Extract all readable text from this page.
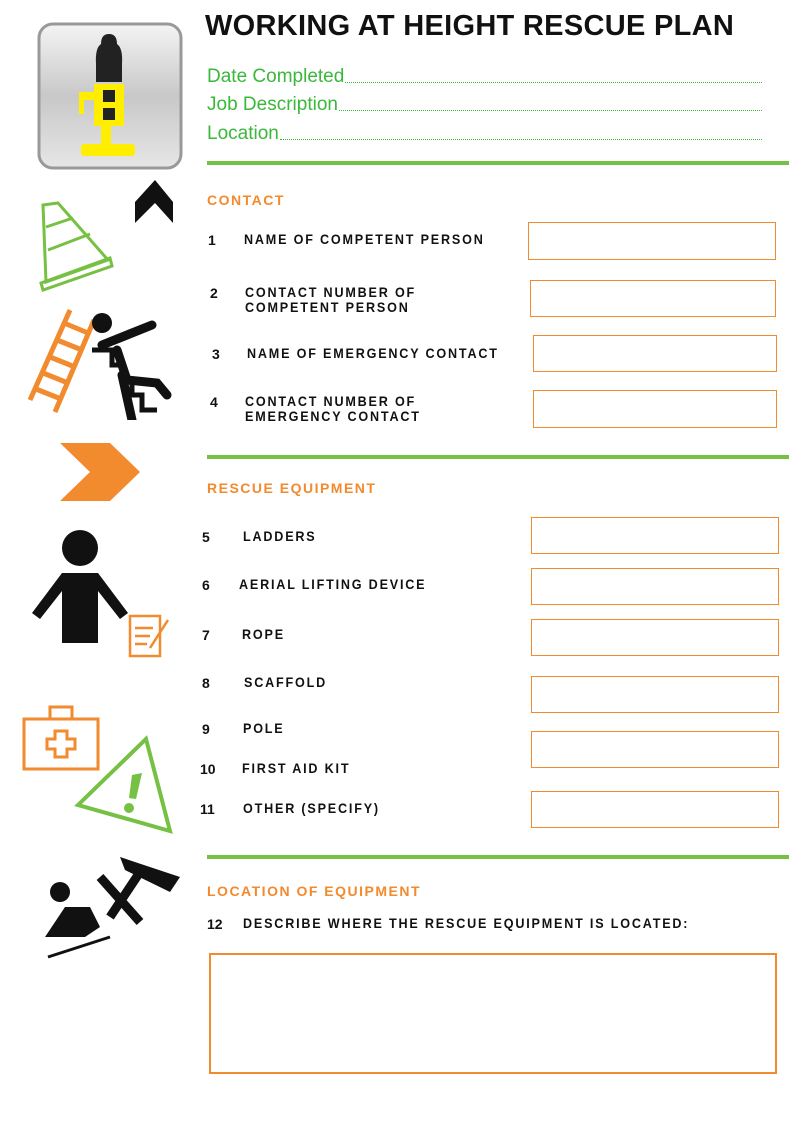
WORKING AT HEIGHT RESCUE PLAN
Date Completed
Job Description
Location
CONTACT
1	NAME OF COMPETENT PERSON
2	CONTACT NUMBER OF COMPETENT PERSON
3	NAME OF EMERGENCY CONTACT
4	CONTACT NUMBER OF EMERGENCY CONTACT
RESCUE EQUIPMENT
5	LADDERS
6	AERIAL LIFTING DEVICE
7	ROPE
8	SCAFFOLD
9	POLE
10	FIRST AID KIT
11	OTHER (SPECIFY)
LOCATION OF EQUIPMENT
12	DESCRIBE WHERE THE RESCUE EQUIPMENT IS LOCATED:
